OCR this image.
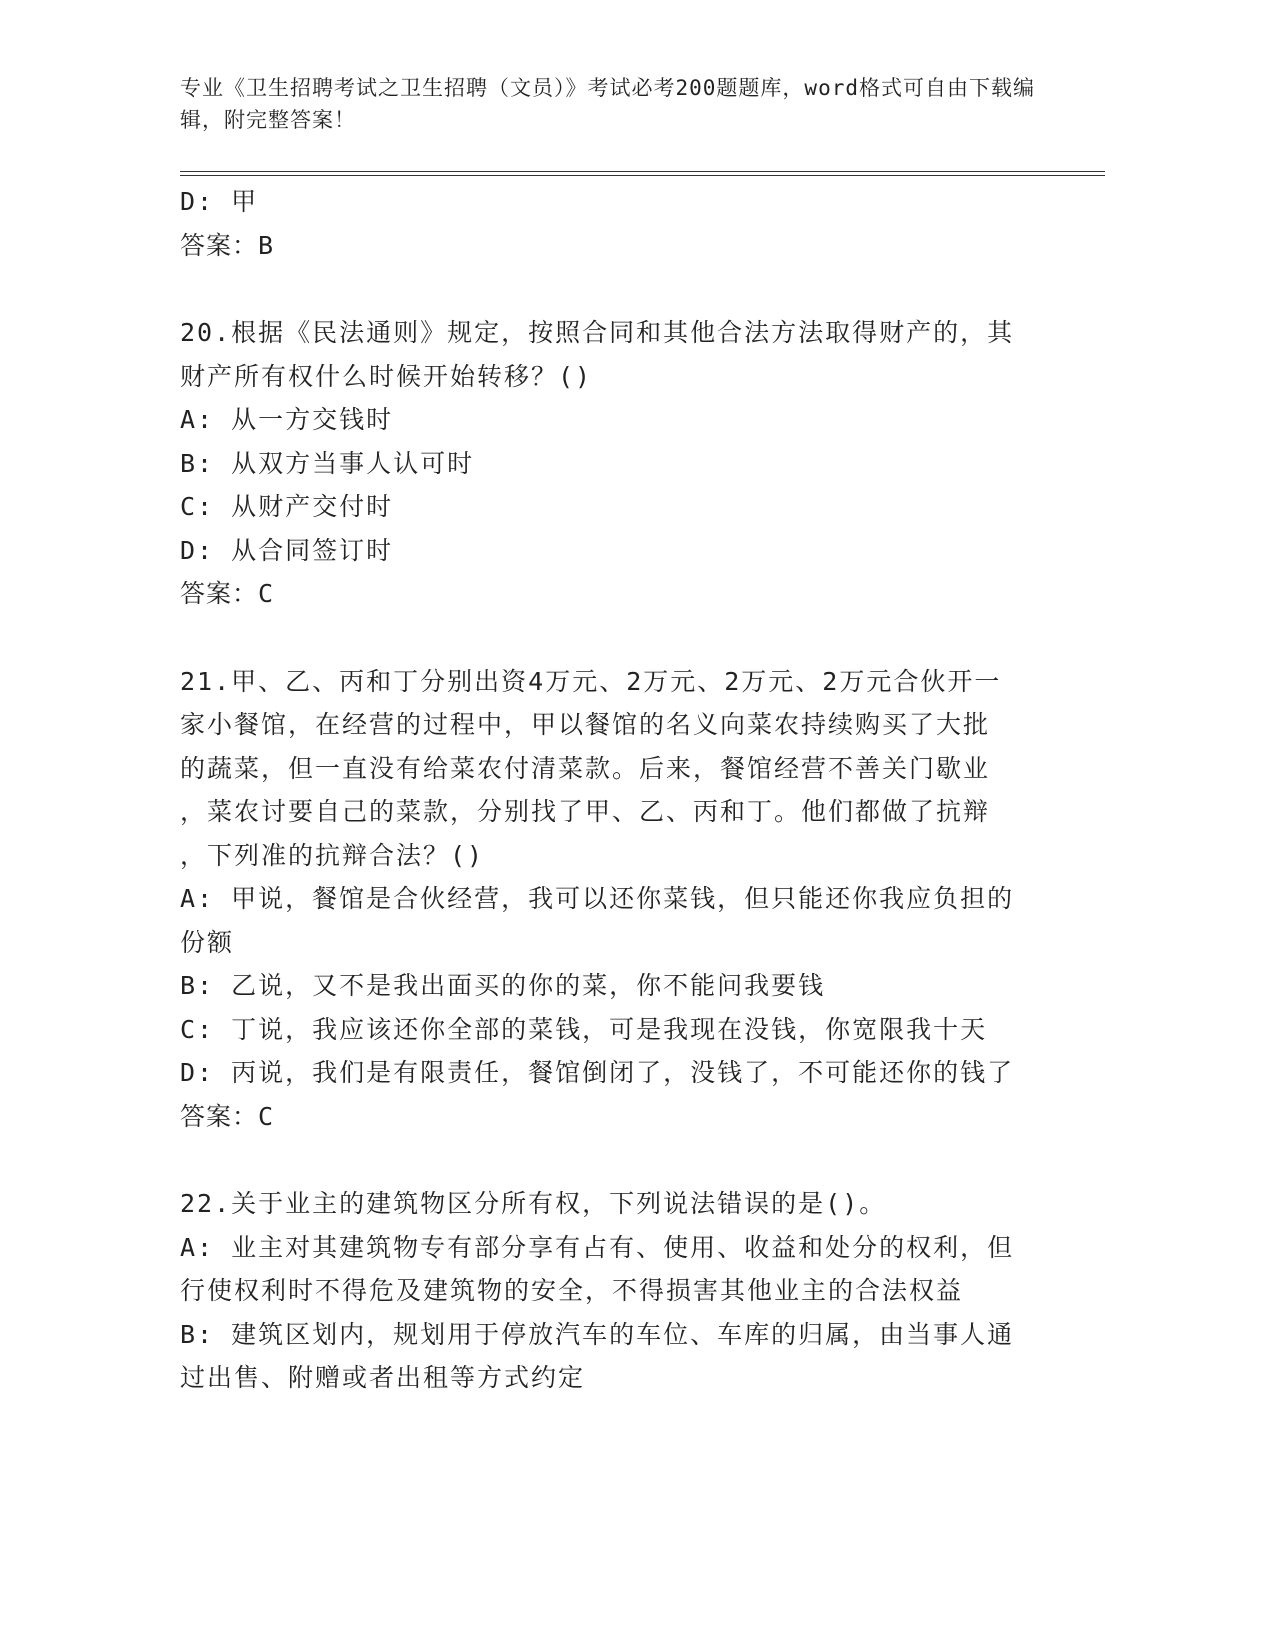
专业《卫生招聘考试之卫生招聘（文员）》考试必考200题题库，word格式可自由下载编辑，附完整答案！
D: 甲
答案：B
20.根据《民法通则》规定，按照合同和其他合法方法取得财产的，其
财产所有权什么时候开始转移？()
A: 从一方交钱时
B: 从双方当事人认可时
C: 从财产交付时
D: 从合同签订时
答案：C
21.甲、乙、丙和丁分别出资4万元、2万元、2万元、2万元合伙开一
家小餐馆，在经营的过程中，甲以餐馆的名义向菜农持续购买了大批
的蔬菜，但一直没有给菜农付清菜款。后来，餐馆经营不善关门歇业
，菜农讨要自己的菜款，分别找了甲、乙、丙和丁。他们都做了抗辩
，下列准的抗辩合法？()
A: 甲说，餐馆是合伙经营，我可以还你菜钱，但只能还你我应负担的
份额
B: 乙说，又不是我出面买的你的菜，你不能问我要钱
C: 丁说，我应该还你全部的菜钱，可是我现在没钱，你宽限我十天
D: 丙说，我们是有限责任，餐馆倒闭了，没钱了，不可能还你的钱了
答案：C
22.关于业主的建筑物区分所有权，下列说法错误的是()。
A: 业主对其建筑物专有部分享有占有、使用、收益和处分的权利，但
行使权利时不得危及建筑物的安全，不得损害其他业主的合法权益
B: 建筑区划内，规划用于停放汽车的车位、车库的归属，由当事人通
过出售、附赠或者出租等方式约定
